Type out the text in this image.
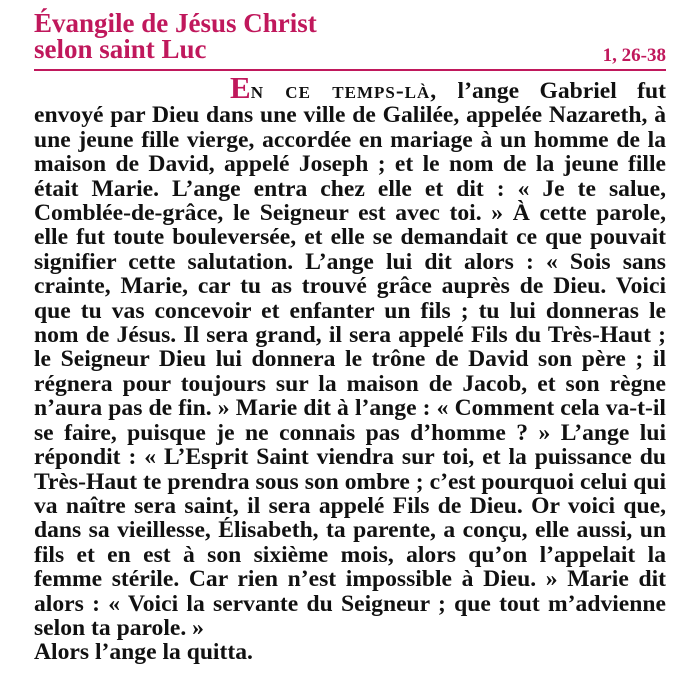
Évangile de Jésus Christ
selon saint Luc	1, 26-38

En ce temps-là, l’ange Gabriel fut envoyé par Dieu dans une ville de Galilée, appelée Nazareth, à une jeune fille vierge, accordée en mariage à un homme de la maison de David, appelé Joseph ; et le nom de la jeune fille était Marie. L’ange entra chez elle et dit : « Je te salue, Comblée-de-grâce, le Seigneur est avec toi. » À cette parole, elle fut toute bouleversée, et elle se demandait ce que pouvait signifier cette salutation. L’ange lui dit alors : « Sois sans crainte, Marie, car tu as trouvé grâce auprès de Dieu. Voici que tu vas concevoir et enfanter un fils ; tu lui donneras le nom de Jésus. Il sera grand, il sera appelé Fils du Très-Haut ; le Seigneur Dieu lui donnera le trône de David son père ; il régnera pour toujours sur la maison de Jacob, et son règne n’aura pas de fin. » Marie dit à l’ange : « Comment cela va-t-il se faire, puisque je ne connais pas d’homme ? » L’ange lui répondit : « L’Esprit Saint viendra sur toi, et la puissance du Très-Haut te prendra sous son ombre ; c’est pourquoi celui qui va naître sera saint, il sera appelé Fils de Dieu. Or voici que, dans sa vieillesse, Élisabeth, ta parente, a conçu, elle aussi, un fils et en est à son sixième mois, alors qu’on l’appelait la femme stérile. Car rien n’est impossible à Dieu. » Marie dit alors : « Voici la servante du Seigneur ; que tout m’advienne selon ta parole. »

Alors l’ange la quitta.
